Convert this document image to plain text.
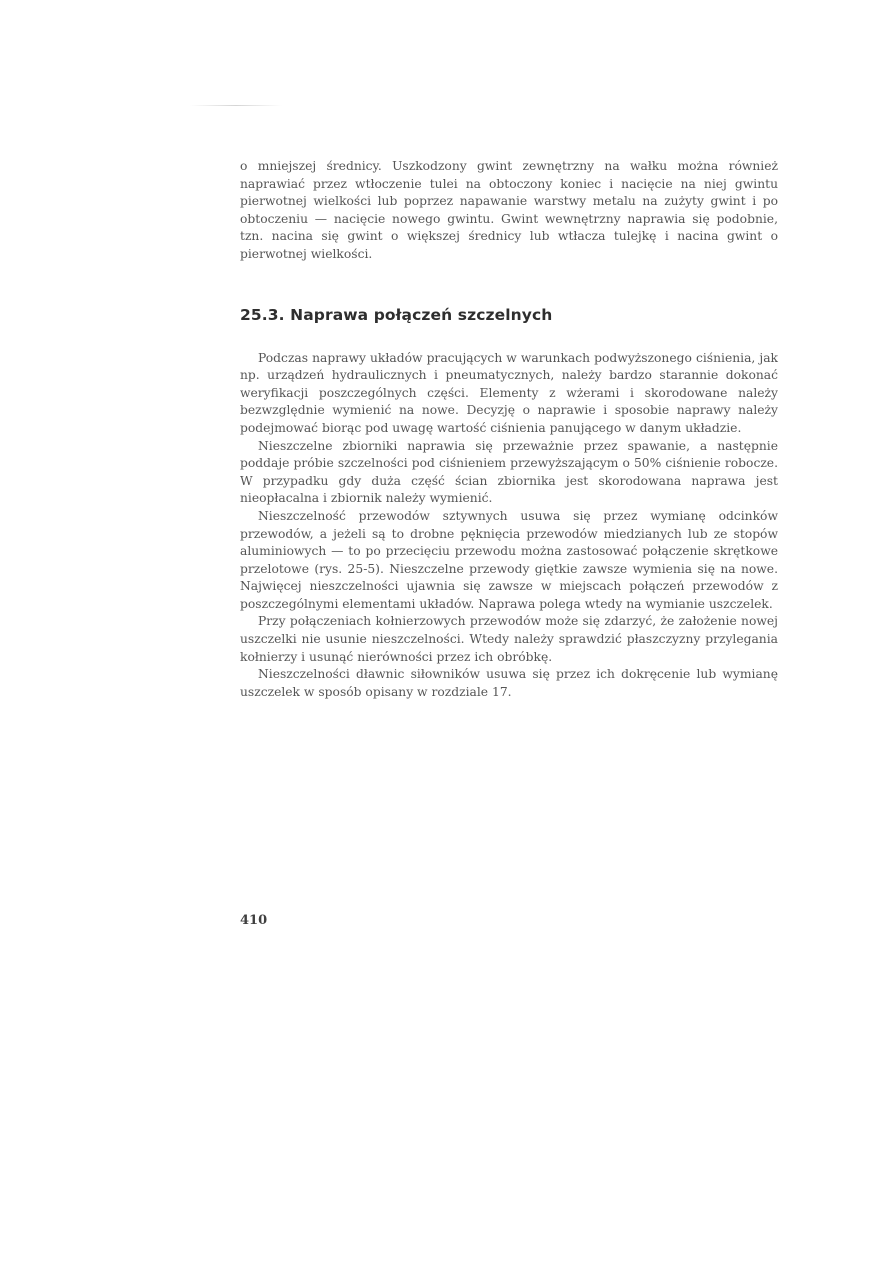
o mniejszej średnicy. Uszkodzony gwint zewnętrzny na wałku można również naprawiać przez wtłoczenie tulei na obtoczony koniec i nacięcie na niej gwintu pierwotnej wielkości lub poprzez napawanie warstwy metalu na zużyty gwint i po obtoczeniu — nacięcie nowego gwintu. Gwint wewnętrzny naprawia się podobnie, tzn. nacina się gwint o większej średnicy lub wtłacza tulejkę i nacina gwint o pierwotnej wielkości.

25.3. Naprawa połączeń szczelnych

Podczas naprawy układów pracujących w warunkach podwyższonego ciśnienia, jak np. urządzeń hydraulicznych i pneumatycznych, należy bardzo starannie dokonać weryfikacji poszczególnych części. Elementy z wżerami i skorodowane należy bezwzględnie wymienić na nowe. Decyzję o naprawie i sposobie naprawy należy podejmować biorąc pod uwagę wartość ciśnienia panującego w danym układzie.

Nieszczelne zbiorniki naprawia się przeważnie przez spawanie, a następnie poddaje próbie szczelności pod ciśnieniem przewyższającym o 50% ciśnienie robocze. W przypadku gdy duża część ścian zbiornika jest skorodowana naprawa jest nieopłacalna i zbiornik należy wymienić.

Nieszczelność przewodów sztywnych usuwa się przez wymianę odcinków przewodów, a jeżeli są to drobne pęknięcia przewodów miedzianych lub ze stopów aluminiowych — to po przecięciu przewodu można zastosować połączenie skrętkowe przelotowe (rys. 25-5). Nieszczelne przewody giętkie zawsze wymienia się na nowe. Najwięcej nieszczelności ujawnia się zawsze w miejscach połączeń przewodów z poszczególnymi elementami układów. Naprawa polega wtedy na wymianie uszczelek.

Przy połączeniach kołnierzowych przewodów może się zdarzyć, że założenie nowej uszczelki nie usunie nieszczelności. Wtedy należy sprawdzić płaszczyzny przylegania kołnierzy i usunąć nierówności przez ich obróbkę.

Nieszczelności dławnic siłowników usuwa się przez ich dokręcenie lub wymianę uszczelek w sposób opisany w rozdziale 17.

410
